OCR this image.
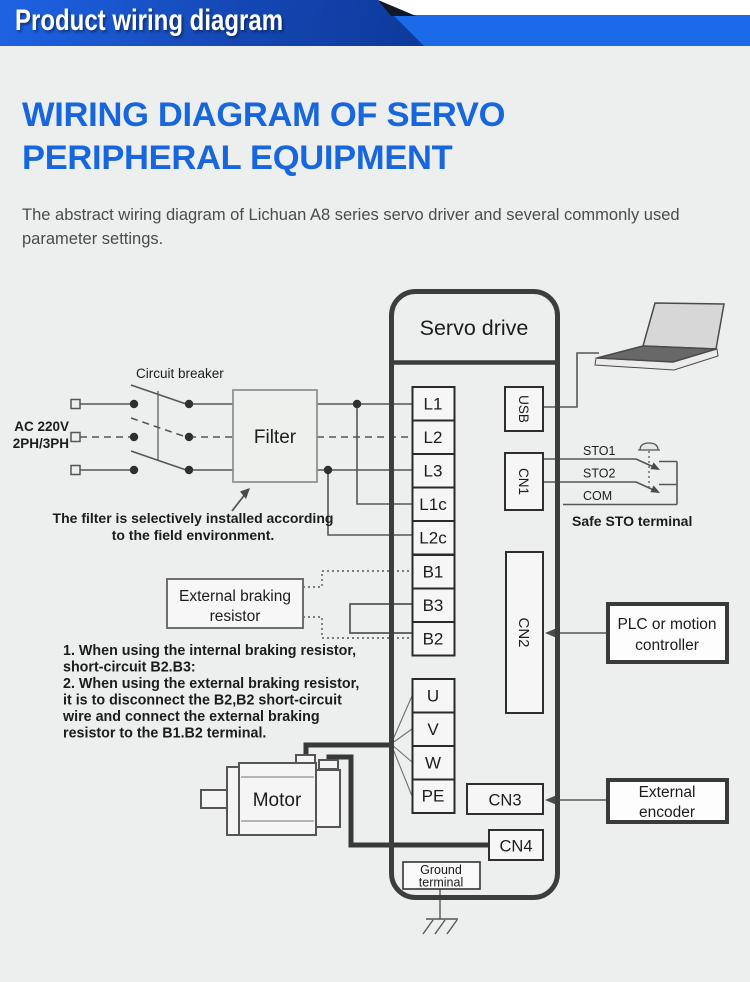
Product wiring diagram
WIRING DIAGRAM OF SERVO
PERIPHERAL EQUIPMENT

The abstract wiring diagram of Lichuan A8 series servo driver and several commonly used parameter settings.

Servo drive
L1
L2
L3
L1c
L2c
B1
B3
B2
U
V
W
PE
USB
CN1
CN2
CN3
CN4
AC 220V
2PH/3PH
Circuit breaker
Filter
The filter is selectively installed according
to the field environment.
STO1
STO2
COM
Safe STO terminal
External braking
resistor
1. When using the internal braking resistor,
short-circuit B2.B3:
2. When using the external braking resistor,
it is to disconnect the B2,B2 short-circuit
wire and connect the external braking
resistor to the B1.B2 terminal.
Motor
PLC or motion
controller
External
encoder
Ground
terminal
